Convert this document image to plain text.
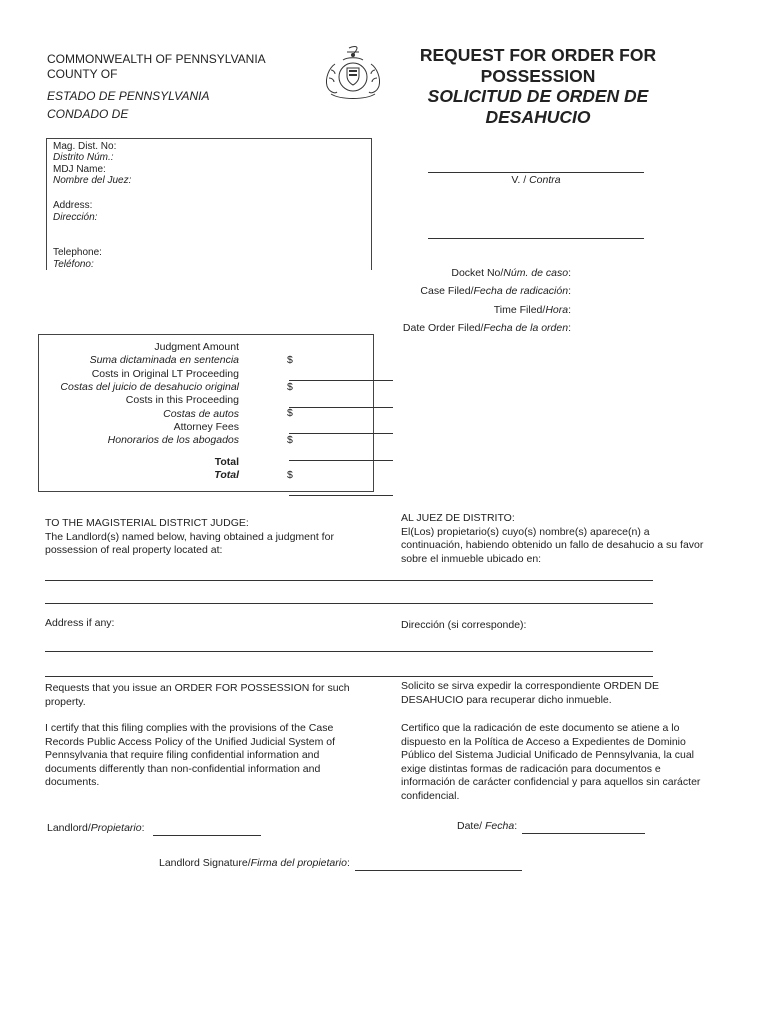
COMMONWEALTH OF PENNSYLVANIA
COUNTY OF
ESTADO DE PENNSYLVANIA
CONDADO DE
REQUEST FOR ORDER FOR
POSSESSION
SOLICITUD DE ORDEN DE
DESAHUCIO
Mag. Dist. No:
Distrito Núm.:
MDJ Name:
Nombre del Juez:
Address:
Dirección:
Telephone:
Teléfono:
V. / Contra
Docket No/Núm. de caso:
Case Filed/Fecha de radicación:
Time Filed/Hora:
Date Order Filed/Fecha de la orden:
Judgment Amount
Suma dictaminada en sentencia	$
Costs in Original LT Proceeding
Costas del juicio de desahucio original	$
Costs in this Proceeding
Costas de autos	$
Attorney Fees
Honorarios de los abogados	$
Total
Total	$
TO THE MAGISTERIAL DISTRICT JUDGE:
The Landlord(s) named below, having obtained a judgment for possession of real property located at:
AL JUEZ DE DISTRITO:
El(Los) propietario(s) cuyo(s) nombre(s) aparece(n) a continuación, habiendo obtenido un fallo de desahucio a su favor sobre el inmueble ubicado en:
Address if any:	Dirección (si corresponde):
Requests that you issue an ORDER FOR POSSESSION for such property.
Solicito se sirva expedir la correspondiente ORDEN DE DESAHUCIO para recuperar dicho inmueble.
I certify that this filing complies with the provisions of the Case Records Public Access Policy of the Unified Judicial System of Pennsylvania that require filing confidential information and documents differently than non-confidential information and documents.
Certifico que la radicación de este documento se atiene a lo dispuesto en la Política de Acceso a Expedientes de Dominio Público del Sistema Judicial Unificado de Pennsylvania, la cual exige distintas formas de radicación para documentos e información de carácter confidencial y para aquellos sin carácter confidencial.
Landlord/Propietario:	Date/ Fecha:
Landlord Signature/Firma del propietario:
